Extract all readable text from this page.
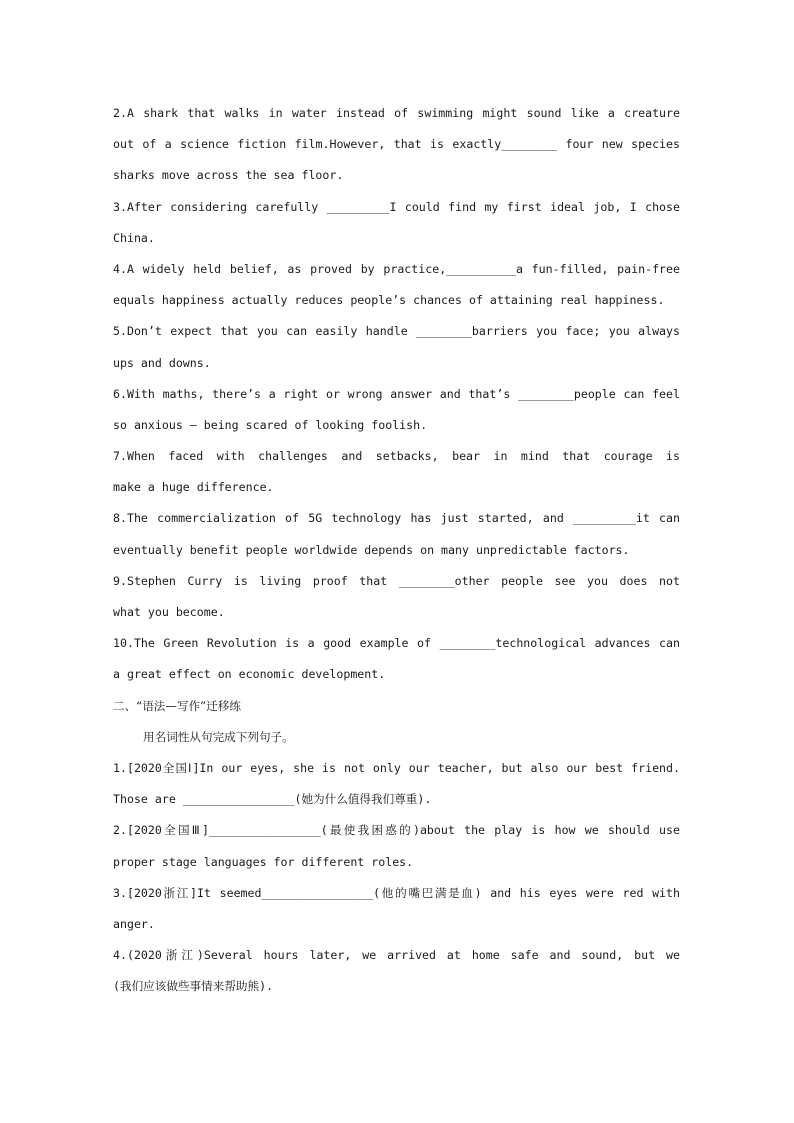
2.A shark that walks in water instead of swimming might sound like a creature
out of a science fiction film.However, that is exactly________ four new species
sharks move across the sea floor.
3.After considering carefully _________I could find my first ideal job, I chose
China.
4.A widely held belief, as proved by practice,__________a fun-filled, pain-free
equals happiness actually reduces people’s chances of attaining real happiness.
5.Don’t expect that you can easily handle ________barriers you face; you always
ups and downs.
6.With maths, there’s a right or wrong answer and that’s ________people can feel
so anxious — being scared of looking foolish.
7.When faced with challenges and setbacks, bear in mind that courage is
make a huge difference.
8.The commercialization of 5G technology has just started, and _________it can
eventually benefit people worldwide depends on many unpredictable factors.
9.Stephen Curry is living proof that ________other people see you does not
what you become.
10.The Green Revolution is a good example of ________technological advances can
a great effect on economic development.
二、“语法—写作”迁移练
用名词性从句完成下列句子。
1.[2020全国Ⅰ]In our eyes, she is not only our teacher, but also our best friend.
Those are ________________(她为什么值得我们尊重).
2.[2020全国Ⅲ]________________(最使我困惑的)about the play is how we should use
proper stage languages for different roles.
3.[2020浙江]It seemed________________(他的嘴巴满是血) and his eyes were red with
anger.
4.(2020浙江)Several hours later, we arrived at home safe and sound, but we
(我们应该做些事情来帮助熊).
